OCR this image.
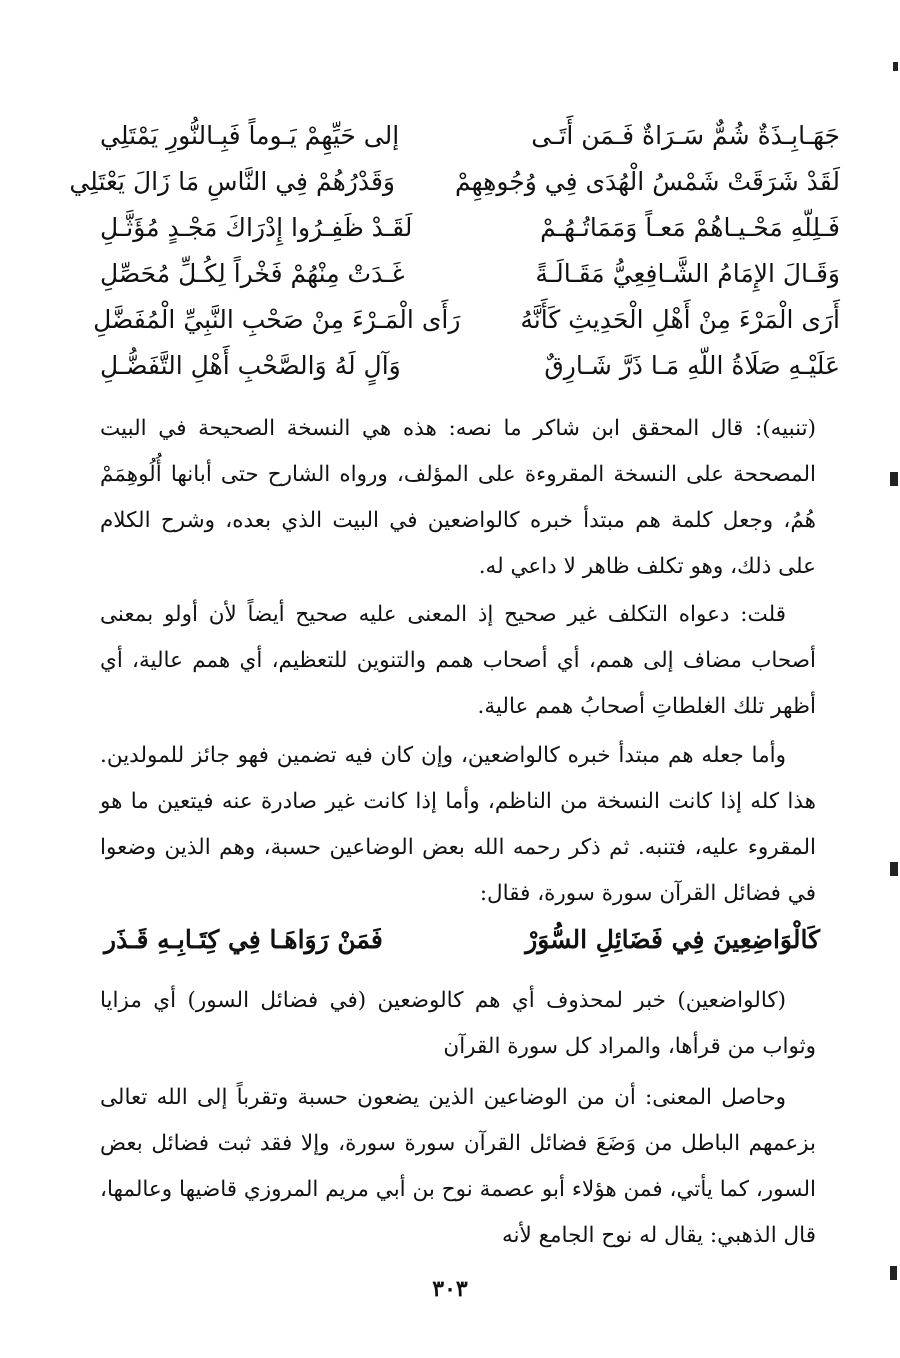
جَهَـابِـذَةٌ شُمٌّ سَـرَاةٌ فَـمَن أَتَـى
إلى حَيِّهِمْ يَـوماً فَبِـالنُّورِ يَمْتَلِي
لَقَدْ شَرَقَتْ شَمْسُ الْهُدَى فِي وُجُوهِهِمْ
وَقَدْرُهُمْ فِي النَّاسِ مَا زَالَ يَعْتَلِي
فَـلِلّهِ مَحْـيـاهُمْ مَعـاً وَمَمَاتُـهُـمْ
لَقَـدْ ظَفِـرُوا إِدْرَاكَ مَجْـدٍ مُؤَثَّـلِ
وَقَـالَ الإِمَامُ الشَّـافِعِيُّ مَقَـالَـةً
غَـدَتْ مِنْهُمْ فَخْراً لِكُـلِّ مُحَصِّلِ
أَرَى الْمَرْءَ مِنْ أَهْلِ الْحَدِيثِ كَأَنَّهُ
رَأَى الْمَـرْءَ مِنْ صَحْبِ النَّبِيِّ الْمُفَضَّلِ
عَلَيْـهِ صَلَاةُ اللّهِ مَـا ذَرَّ شَـارِقٌ
وَآلٍ لَهُ وَالصَّحْبِ أَهْلِ التَّفَضُّـلِ

(تنبيه): قال المحقق ابن شاكر ما نصه: هذه هي النسخة الصحيحة في البيت المصححة على النسخة المقروءة على المؤلف، ورواه الشارح حتى أبانها أُلُوهِمَمْ هُمُ، وجعل كلمة هم مبتدأ خبره كالواضعين في البيت الذي بعده، وشرح الكلام على ذلك، وهو تكلف ظاهر لا داعي له.

قلت: دعواه التكلف غير صحيح إذ المعنى عليه صحيح أيضاً لأن أولو بمعنى أصحاب مضاف إلى همم، أي أصحاب همم والتنوين للتعظيم، أي همم عالية، أي أظهر تلك الغلطاتِ أصحابُ همم عالية.

وأما جعله هم مبتدأ خبره كالواضعين، وإن كان فيه تضمين فهو جائز للمولدين. هذا كله إذا كانت النسخة من الناظم، وأما إذا كانت غير صادرة عنه فيتعين ما هو المقروء عليه، فتنبه. ثم ذكر رحمه الله بعض الوضاعين حسبة، وهم الذين وضعوا في فضائل القرآن سورة سورة، فقال:

كَالْوَاضِعِينَ فِي فَضَائِلِ السُّوَرْ
فَمَنْ رَوَاهَـا فِي كِتَـابِـهِ قَـذَر

(كالواضعين) خبر لمحذوف أي هم كالوضعين (في فضائل السور) أي مزايا وثواب من قرأها، والمراد كل سورة القرآن

وحاصل المعنى: أن من الوضاعين الذين يضعون حسبة وتقرباً إلى الله تعالى بزعمهم الباطل من وَضَعَ فضائل القرآن سورة سورة، وإلا فقد ثبت فضائل بعض السور، كما يأتي، فمن هؤلاء أبو عصمة نوح بن أبي مريم المروزي قاضيها وعالمها، قال الذهبي: يقال له نوح الجامع لأنه

٣٠٣
